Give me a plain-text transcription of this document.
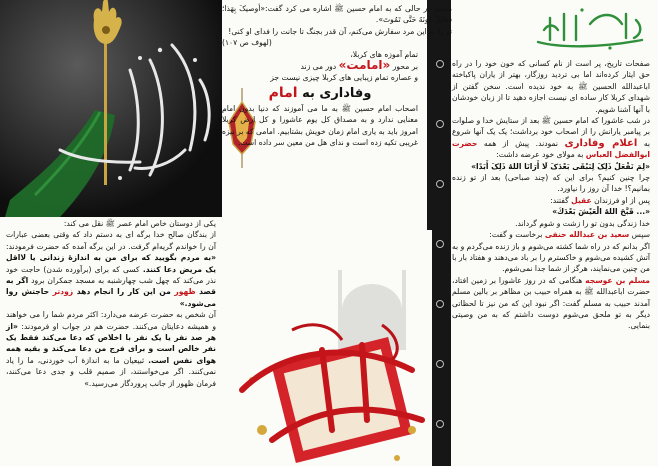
صفحات تاریخ، پر است از نام کسانی که خون خود را در راه حق ایثار کرده‌اند اما بی تردید روزگار، بهتر از یاران پاکباخته ابا‌عبدالله الحسین ﷺ به خود ندیده است. سخن گفتن از شهدای کربلا کار ساده ای نیست اجازه دهید تا از زبان خودشان با آنها آشنا شویم.

در شب عاشورا که امام حسین ﷺ بعد از ستایش خدا و صلوات بر پیامبر یارانش را از اصحاب خود برداشت؛ یک یک آنها شروع به اعلام وفاداری نمودند. پیش از همه حضرت ابوالفضل العباس به مولای خود عرضه داشت:

«لِمَ نَفْعَلُ ذَلِکَ لِنَبْقَى بَعْدَکَ لَا أَرَانَا اللهُ ذَلِکَ أَبَدًا»

چرا چنین کنیم؟ برای این که (چند صباحی) بعد از تو زنده بمانیم؟! خدا آن روز را نیاورد.

پس از او فرزندان عقیل گفتند:

«... قَبَّحَ اللهُ الْعَيْشَ بَعْدَكَ»

خدا زندگی بدون تو را زشت و شوم گرداند.

سپس سعید بن عبدالله حنفی برخاست و گفت:

اگر بدانم که در راه شما کشته می‌شوم و باز زنده می‌گردم و به آتش کشیده می‌شوم و خاکسترم را بر باد می‌دهند و هفتاد بار با من چنین می‌نمایند، هرگز از شما جدا نمی‌شوم.

مسلم بن عوسجه هنگامی که در روز عاشورا بر زمین افتاد، حضرت اباعبدالله ﷺ به همراه حبیب بن مظاهر بر بالین مسلم آمدند حبیب به مسلم گفت: اگر نبود این که من نیز تا لحظاتی دیگر به تو ملحق می‌شوم دوست داشتم که به من وصیتی بنمایی.

مسلم در حالی که به امام حسین ﷺ اشاره می کرد گفت:«أوصيکَ بِهَذا؛ فقاتِلْ دُونَهُ حَتَّى تَمُوتَ».

تو را به این مرد سفارش می‌کنم، آن قدر بجنگ تا جانت را فدای او کنی!

(لهوف ص ۱۰۷)

تمام آموزه های کربلا،

بر محور «امامت» دور می زند

و عصاره تمام زیبایی های کربلا چیزی نیست جز

وفاداری به امام

اصحاب امام حسین ﷺ به ما می آموزند که دنیا بدون امام معنایی ندارد و به مصداق کل یوم عاشورا و کل ارض کربلا امروز باید به یاری امام زمان خویش بشتابیم. امامی که بر نیزه غریبی تکیه زده است و ندای هل من معین سر داده است.

یکی از دوستان خاص امام عصر ﷺ نقل می کند:

از بندگان صالح خدا برگه ای به دستم داد که وقتی بعضی عبارات آن را خواندم گریه‌ام گرفت. در این برگه آمده که حضرت فرمودند: «به مردم بگویید که برای من به اندازهٔ زندانی یا لااقل یک مریض دعا کنند. کسی که برای (برآورده شدن) حاجت خود نذر می‌کند که چهل شب چهارشنبه به مسجد جمکران برود اگر به قصد ظهور من این کار را انجام دهد زودتر حاجتش روا می‌شود.»

آن شخص به حضرت عرضه می‌دارد: اکثر مردم شما را می خواهند و همیشه دعایتان می‌کنند. حضرت هم در جواب او فرمودند: «از هر صد نفر یا یک نفر با اخلاص که دعا می‌کند فقط یک نفر خالص است و برای فرج من دعا می‌کند و بقیه همه هوای نفس است. ثبیعیان ما به اندازهٔ آب خوردنی، ما را یاد نمی‌کنند. اگر می‌خواستند، از صمیم قلب و جدی دعا می‌کنند، فرمان ظهور از جانب پروردگار می‌رسید.»
